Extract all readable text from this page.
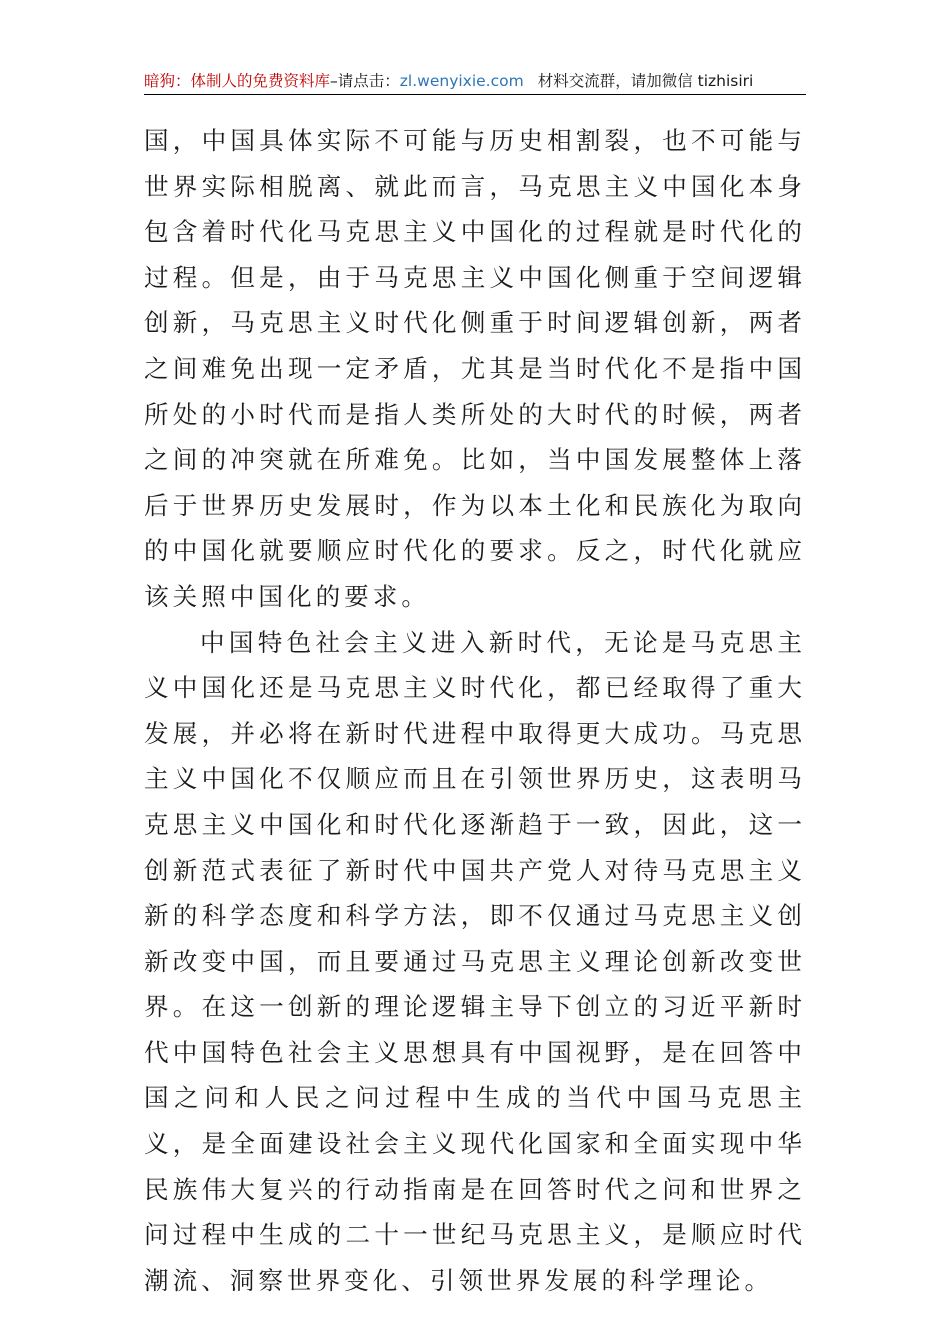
暗狗：体制人的免费资料库–请点击：zl.wenyixie.com 材料交流群，请加微信 tizhisiri

国，中国具体实际不可能与历史相割裂，也不可能与世界实际相脱离、就此而言，马克思主义中国化本身包含着时代化马克思主义中国化的过程就是时代化的过程。但是，由于马克思主义中国化侧重于空间逻辑创新，马克思主义时代化侧重于时间逻辑创新，两者之间难免出现一定矛盾，尤其是当时代化不是指中国所处的小时代而是指人类所处的大时代的时候，两者之间的冲突就在所难免。比如，当中国发展整体上落后于世界历史发展时，作为以本土化和民族化为取向的中国化就要顺应时代化的要求。反之，时代化就应该关照中国化的要求。

中国特色社会主义进入新时代，无论是马克思主义中国化还是马克思主义时代化，都已经取得了重大发展，并必将在新时代进程中取得更大成功。马克思主义中国化不仅顺应而且在引领世界历史，这表明马克思主义中国化和时代化逐渐趋于一致，因此，这一创新范式表征了新时代中国共产党人对待马克思主义新的科学态度和科学方法，即不仅通过马克思主义创新改变中国，而且要通过马克思主义理论创新改变世界。在这一创新的理论逻辑主导下创立的习近平新时代中国特色社会主义思想具有中国视野，是在回答中国之问和人民之问过程中生成的当代中国马克思主义，是全面建设社会主义现代化国家和全面实现中华民族伟大复兴的行动指南是在回答时代之问和世界之问过程中生成的二十一世纪马克思主义，是顺应时代潮流、洞察世界变化、引领世界发展的科学理论。
